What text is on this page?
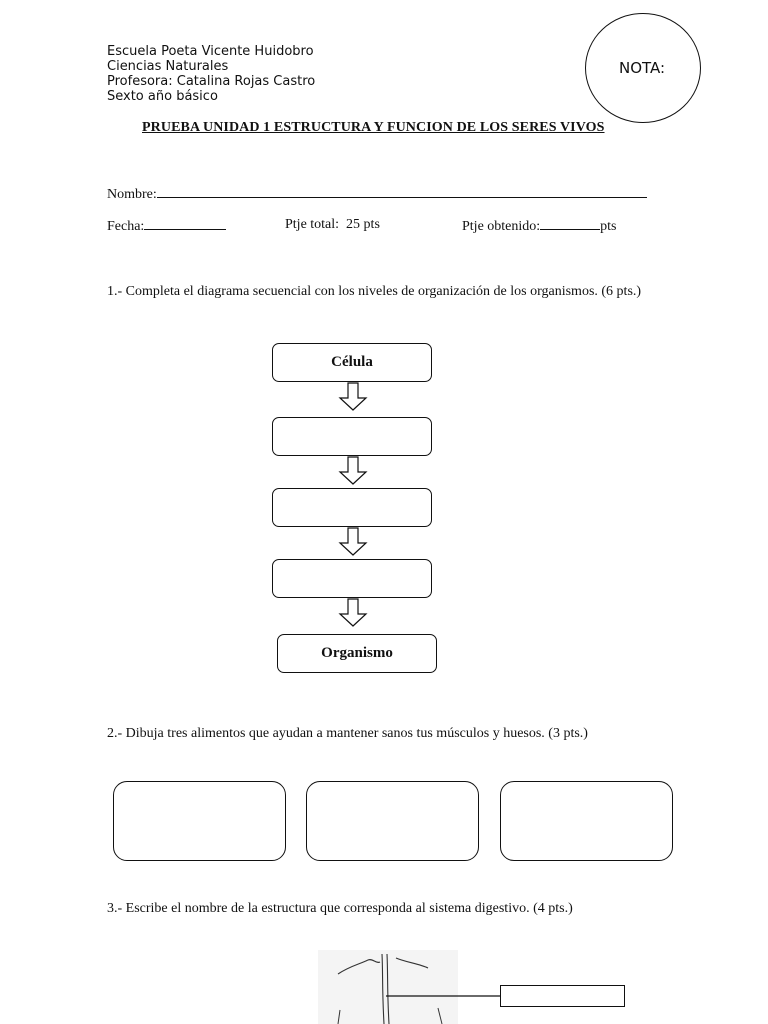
Escuela Poeta Vicente Huidobro
Ciencias Naturales
Profesora: Catalina Rojas Castro
Sexto año básico
NOTA:
PRUEBA UNIDAD 1 ESTRUCTURA Y FUNCION DE LOS SERES VIVOS
Nombre:
Fecha:	Ptje total:  25 pts	Ptje obtenido:	pts
1.- Completa el diagrama secuencial con los niveles de organización de los organismos. (6 pts.)
Célula
Organismo
2.- Dibuja tres alimentos que ayudan a mantener sanos tus músculos y huesos. (3 pts.)
3.- Escribe el nombre de la estructura que corresponda al sistema digestivo. (4 pts.)
